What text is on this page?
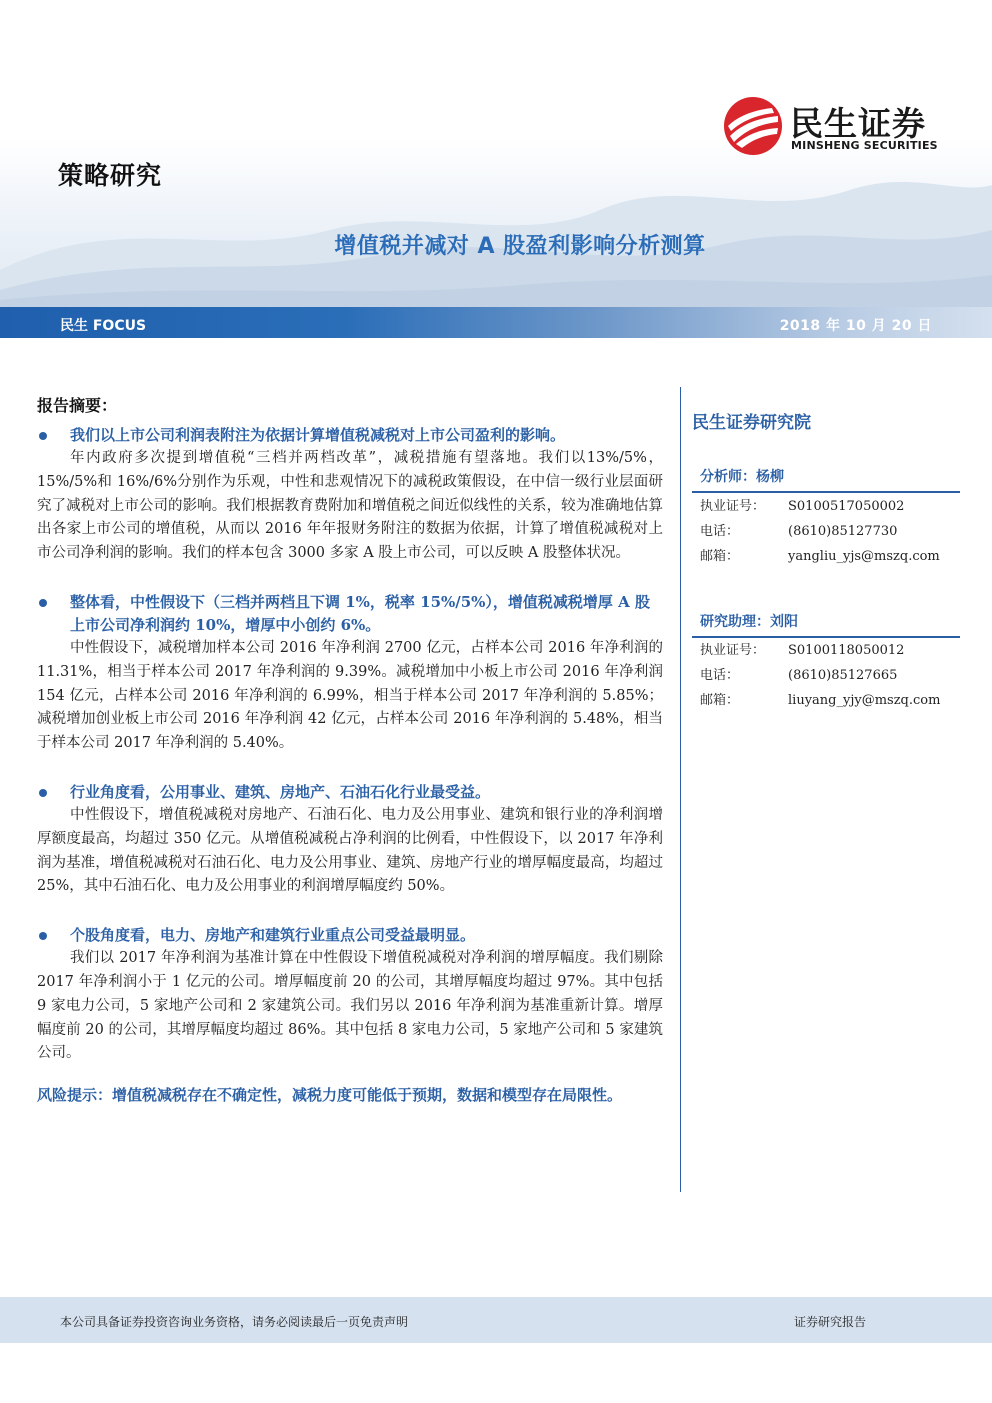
民生证券
MINSHENG SECURITIES
策略研究
增值税并减对 A 股盈利影响分析测算
民生 FOCUS	2018 年 10 月 20 日
报告摘要：
我们以上市公司利润表附注为依据计算增值税减税对上市公司盈利的影响。

年内政府多次提到增值税“三档并两档改革”，减税措施有望落地。我们以13%/5%，15%/5%和 16%/6%分别作为乐观，中性和悲观情况下的减税政策假设，在中信一级行业层面研究了减税对上市公司的影响。我们根据教育费附加和增值税之间近似线性的关系，较为准确地估算出各家上市公司的增值税，从而以 2016 年年报财务附注的数据为依据，计算了增值税减税对上市公司净利润的影响。我们的样本包含 3000 多家 A 股上市公司，可以反映 A 股整体状况。

整体看，中性假设下（三档并两档且下调 1%，税率 15%/5%），增值税减税增厚 A 股上市公司净利润约 10%，增厚中小创约 6%。

中性假设下，减税增加样本公司 2016 年净利润 2700 亿元，占样本公司 2016 年净利润的 11.31%，相当于样本公司 2017 年净利润的 9.39%。减税增加中小板上市公司 2016 年净利润 154 亿元，占样本公司 2016 年净利润的 6.99%，相当于样本公司 2017 年净利润的 5.85%；减税增加创业板上市公司 2016 年净利润 42 亿元，占样本公司 2016 年净利润的 5.48%，相当于样本公司 2017 年净利润的 5.40%。

行业角度看，公用事业、建筑、房地产、石油石化行业最受益。

中性假设下，增值税减税对房地产、石油石化、电力及公用事业、建筑和银行业的净利润增厚额度最高，均超过 350 亿元。从增值税减税占净利润的比例看，中性假设下，以 2017 年净利润为基准，增值税减税对石油石化、电力及公用事业、建筑、房地产行业的增厚幅度最高，均超过 25%，其中石油石化、电力及公用事业的利润增厚幅度约 50%。

个股角度看，电力、房地产和建筑行业重点公司受益最明显。

我们以 2017 年净利润为基准计算在中性假设下增值税减税对净利润的增厚幅度。我们剔除 2017 年净利润小于 1 亿元的公司。增厚幅度前 20 的公司，其增厚幅度均超过 97%。其中包括 9 家电力公司，5 家地产公司和 2 家建筑公司。我们另以 2016 年净利润为基准重新计算。增厚幅度前 20 的公司，其增厚幅度均超过 86%。其中包括 8 家电力公司，5 家地产公司和 5 家建筑公司。

风险提示：增值税减税存在不确定性，减税力度可能低于预期，数据和模型存在局限性。
民生证券研究院
分析师：杨柳
执业证号： S0100517050002
电话：	(8610)85127730
邮箱：	yangliu_yjs@mszq.com
研究助理：刘阳
执业证号： S0100118050012
电话：	(8610)85127665
邮箱：	liuyang_yjy@mszq.com
本公司具备证券投资咨询业务资格，请务必阅读最后一页免责声明	证券研究报告
